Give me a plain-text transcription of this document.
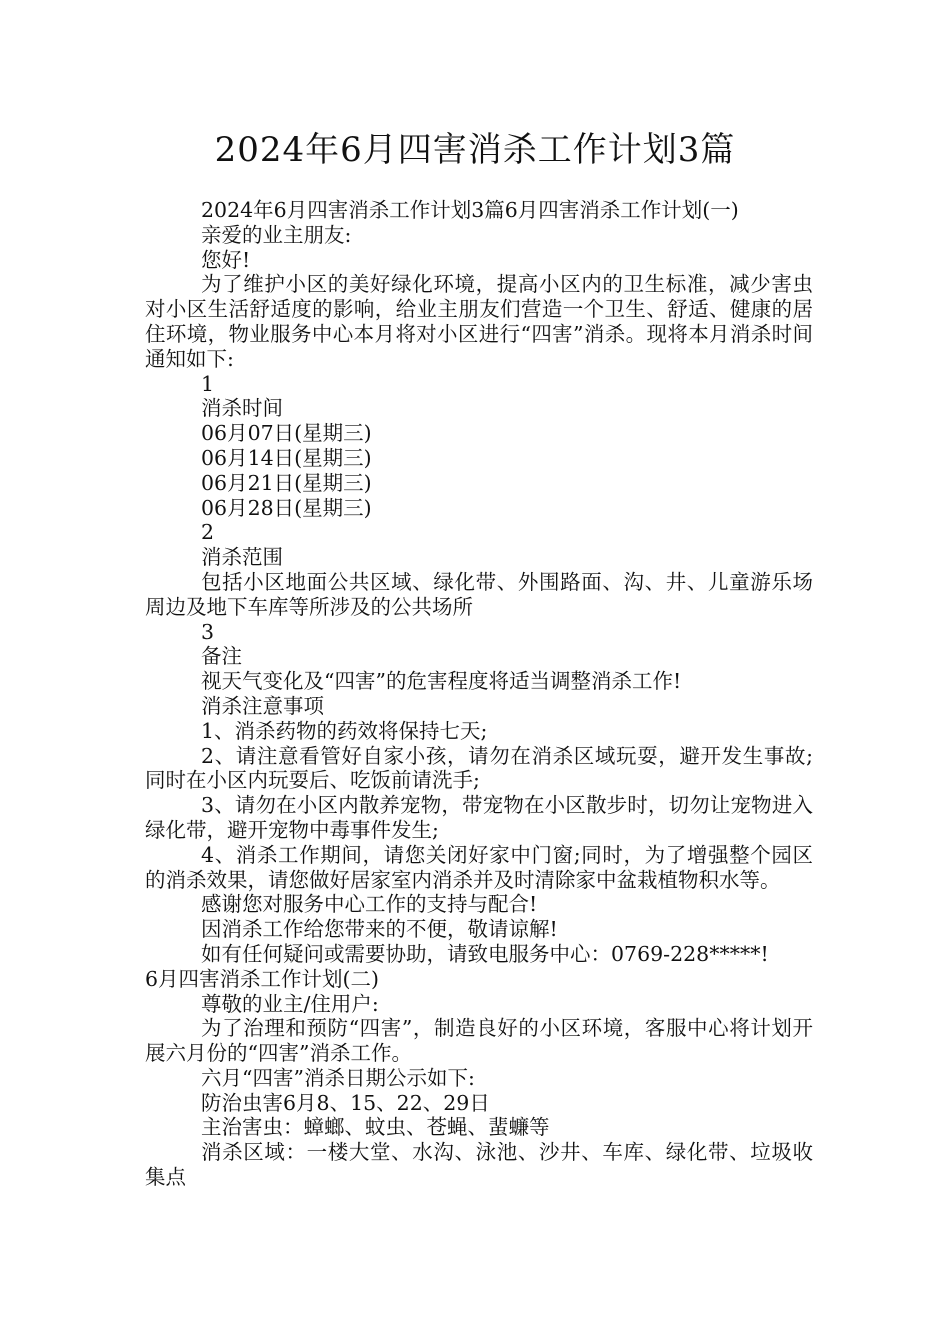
2024年6月四害消杀工作计划3篇

2024年6月四害消杀工作计划3篇6月四害消杀工作计划(一)

亲爱的业主朋友:

您好!

为了维护小区的美好绿化环境，提高小区内的卫生标准，减少害虫对小区生活舒适度的影响，给业主朋友们营造一个卫生、舒适、健康的居住环境，物业服务中心本月将对小区进行“四害”消杀。现将本月消杀时间通知如下:

1

消杀时间

06月07日(星期三)

06月14日(星期三)

06月21日(星期三)

06月28日(星期三)

2

消杀范围

包括小区地面公共区域、绿化带、外围路面、沟、井、儿童游乐场周边及地下车库等所涉及的公共场所

3

备注

视天气变化及“四害”的危害程度将适当调整消杀工作!

消杀注意事项

1、消杀药物的药效将保持七天;

2、请注意看管好自家小孩，请勿在消杀区域玩耍，避开发生事故;同时在小区内玩耍后、吃饭前请洗手;

3、请勿在小区内散养宠物，带宠物在小区散步时，切勿让宠物进入绿化带，避开宠物中毒事件发生;

4、消杀工作期间，请您关闭好家中门窗;同时，为了增强整个园区的消杀效果，请您做好居家室内消杀并及时清除家中盆栽植物积水等。

感谢您对服务中心工作的支持与配合!

因消杀工作给您带来的不便，敬请谅解!

如有任何疑问或需要协助，请致电服务中心：0769-228*****!

6月四害消杀工作计划(二)

尊敬的业主/住用户:

为了治理和预防“四害”，制造良好的小区环境，客服中心将计划开展六月份的“四害”消杀工作。

六月“四害”消杀日期公示如下:

防治虫害6月8、15、22、29日

主治害虫：蟑螂、蚊虫、苍蝇、蜚蠊等

消杀区域：一楼大堂、水沟、泳池、沙井、车库、绿化带、垃圾收集点
